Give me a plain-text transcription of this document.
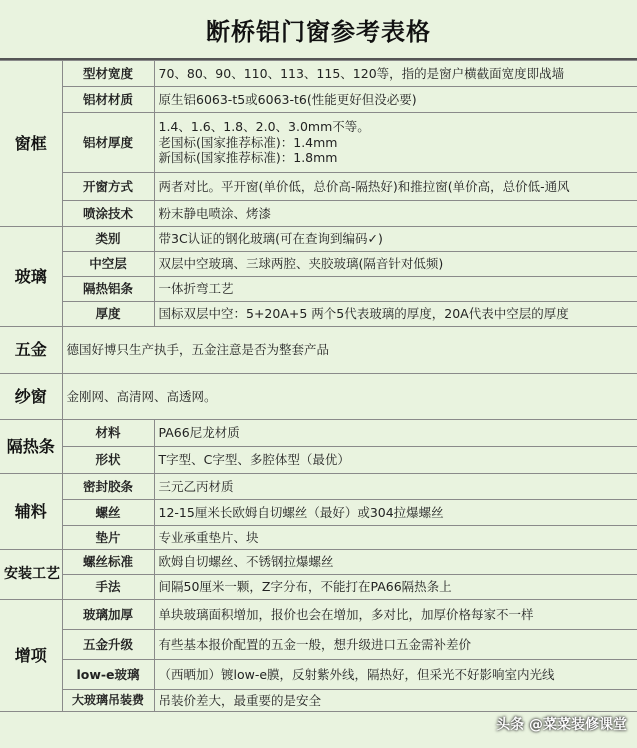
断桥铝门窗参考表格
窗框	型材宽度	70、80、90、110、113、115、120等，指的是窗户横截面宽度即战墙
	铝材材质	原生铝6063-t5或6063-t6(性能更好但没必要)
	铝材厚度	1.4、1.6、1.8、2.0、3.0mm不等。
老国标(国家推荐标准)：1.4mm
新国标(国家推荐标准)：1.8mm

	开窗方式	两者对比。平开窗(单价低，总价高-隔热好)和推拉窗(单价高，总价低-通风
	喷涂技术	粉末静电喷涂、烤漆
玻璃	类别	带3C认证的钢化玻璃(可在查询到编码✓)
	中空层	双层中空玻璃、三球两腔、夹胶玻璃(隔音针对低频)
	隔热铝条	一体折弯工艺
	厚度	国标双层中空：5+20A+5 两个5代表玻璃的厚度，20A代表中空层的厚度
五金	德国好博只生产执手，五金注意是否为整套产品	
纱窗	金刚网、高清网、高透网。	
隔热条	材料	PA66尼龙材质
	形状	T字型、C字型、多腔体型（最优）
辅料	密封胶条	三元乙丙材质
	螺丝	12-15厘米长欧姆自切螺丝（最好）或304拉爆螺丝
	垫片	专业承重垫片、块
安装工艺	螺丝标准	欧姆自切螺丝、不锈钢拉爆螺丝
	手法	间隔50厘米一颗，Z字分布，不能打在PA66隔热条上
增项	玻璃加厚	单块玻璃面积增加，报价也会在增加，多对比，加厚价格每家不一样
	五金升级	有些基本报价配置的五金一般，想升级进口五金需补差价
	low-e玻璃	（西晒加）镀low-e膜，反射紫外线，隔热好，但采光不好影响室内光线
	大玻璃吊装费	吊装价差大，最重要的是安全
头条 @菜菜装修课堂
